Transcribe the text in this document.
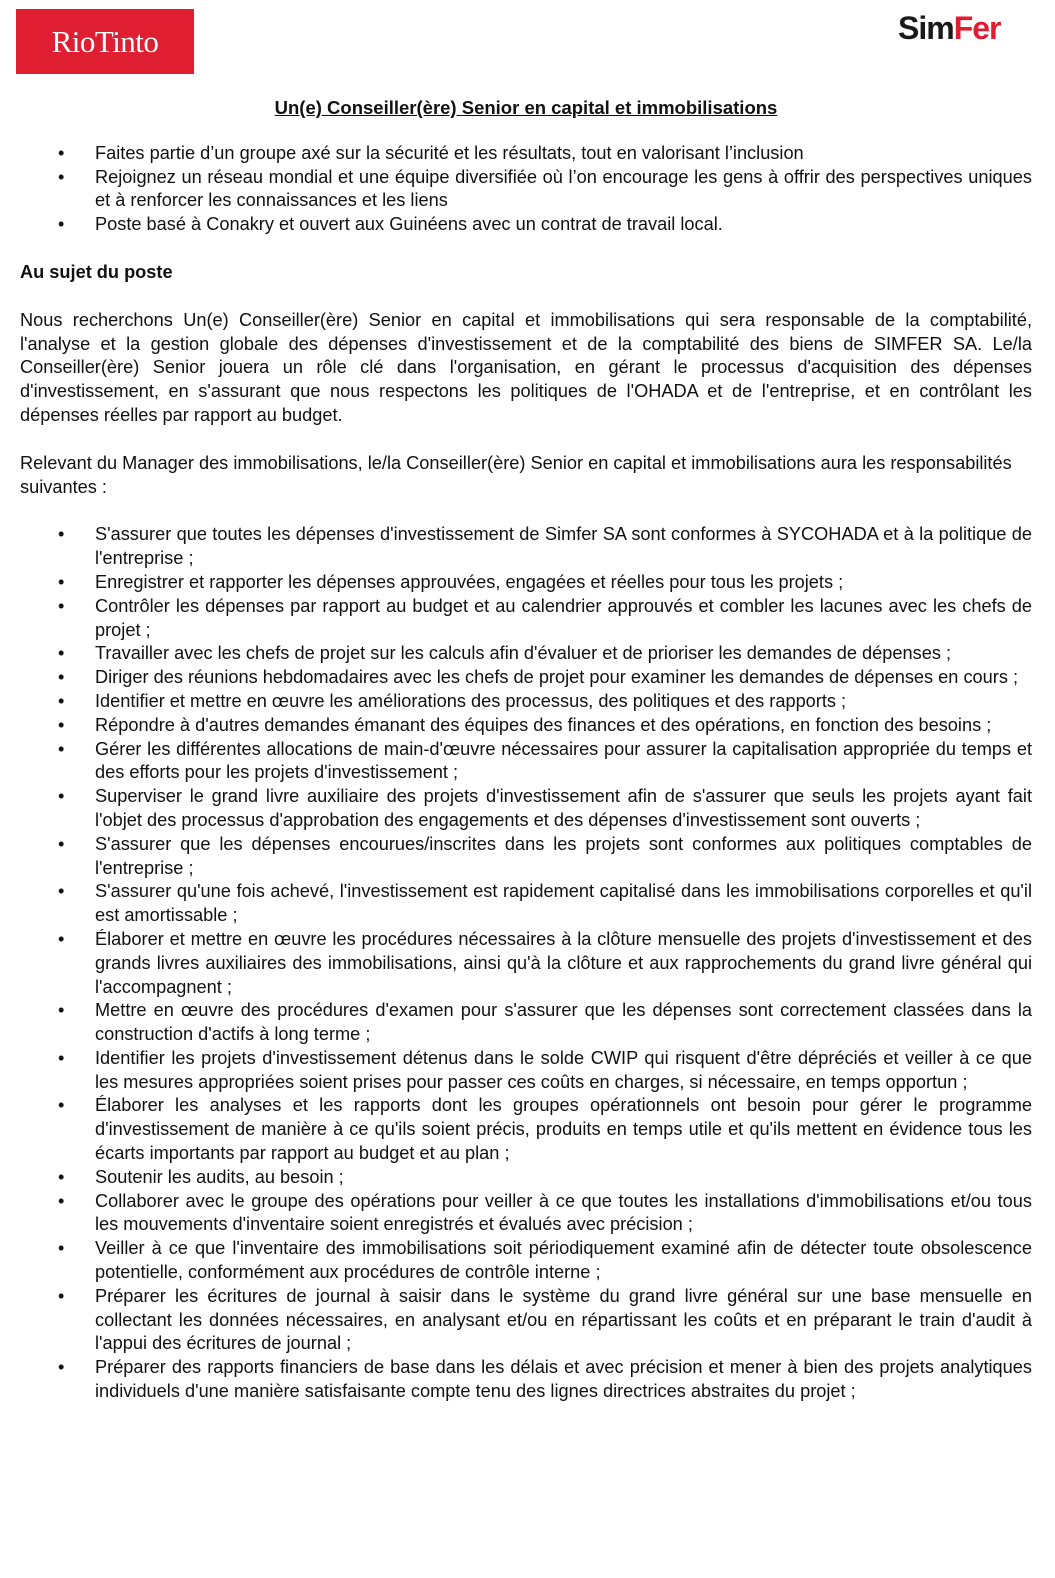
RioTinto	SimFer
Un(e) Conseiller(ère) Senior en capital et immobilisations
• Faites partie d’un groupe axé sur la sécurité et les résultats, tout en valorisant l’inclusion
• Rejoignez un réseau mondial et une équipe diversifiée où l’on encourage les gens à offrir des perspectives uniques et à renforcer les connaissances et les liens
• Poste basé à Conakry et ouvert aux Guinéens avec un contrat de travail local.
Au sujet du poste

Nous recherchons Un(e) Conseiller(ère) Senior en capital et immobilisations qui sera responsable de la comptabilité, l'analyse et la gestion globale des dépenses d'investissement et de la comptabilité des biens de SIMFER SA. Le/la Conseiller(ère) Senior jouera un rôle clé dans l'organisation, en gérant le processus d'acquisition des dépenses d'investissement, en s'assurant que nous respectons les politiques de l'OHADA et de l'entreprise, et en contrôlant les dépenses réelles par rapport au budget.

Relevant du Manager des immobilisations, le/la Conseiller(ère) Senior en capital et immobilisations aura les responsabilités suivantes :

• S'assurer que toutes les dépenses d'investissement de Simfer SA sont conformes à SYCOHADA et à la politique de l'entreprise ;
• Enregistrer et rapporter les dépenses approuvées, engagées et réelles pour tous les projets ;
• Contrôler les dépenses par rapport au budget et au calendrier approuvés et combler les lacunes avec les chefs de projet ;
• Travailler avec les chefs de projet sur les calculs afin d'évaluer et de prioriser les demandes de dépenses ;
• Diriger des réunions hebdomadaires avec les chefs de projet pour examiner les demandes de dépenses en cours ;
• Identifier et mettre en œuvre les améliorations des processus, des politiques et des rapports ;
• Répondre à d'autres demandes émanant des équipes des finances et des opérations, en fonction des besoins ;
• Gérer les différentes allocations de main-d'œuvre nécessaires pour assurer la capitalisation appropriée du temps et des efforts pour les projets d'investissement ;
• Superviser le grand livre auxiliaire des projets d'investissement afin de s'assurer que seuls les projets ayant fait l'objet des processus d'approbation des engagements et des dépenses d'investissement sont ouverts ;
• S'assurer que les dépenses encourues/inscrites dans les projets sont conformes aux politiques comptables de l'entreprise ;
• S'assurer qu'une fois achevé, l'investissement est rapidement capitalisé dans les immobilisations corporelles et qu'il est amortissable ;
• Élaborer et mettre en œuvre les procédures nécessaires à la clôture mensuelle des projets d'investissement et des grands livres auxiliaires des immobilisations, ainsi qu'à la clôture et aux rapprochements du grand livre général qui l'accompagnent ;
• Mettre en œuvre des procédures d'examen pour s'assurer que les dépenses sont correctement classées dans la construction d'actifs à long terme ;
• Identifier les projets d'investissement détenus dans le solde CWIP qui risquent d'être dépréciés et veiller à ce que les mesures appropriées soient prises pour passer ces coûts en charges, si nécessaire, en temps opportun ;
• Élaborer les analyses et les rapports dont les groupes opérationnels ont besoin pour gérer le programme d'investissement de manière à ce qu'ils soient précis, produits en temps utile et qu'ils mettent en évidence tous les écarts importants par rapport au budget et au plan ;
• Soutenir les audits, au besoin ;
• Collaborer avec le groupe des opérations pour veiller à ce que toutes les installations d'immobilisations et/ou tous les mouvements d'inventaire soient enregistrés et évalués avec précision ;
• Veiller à ce que l'inventaire des immobilisations soit périodiquement examiné afin de détecter toute obsolescence potentielle, conformément aux procédures de contrôle interne ;
• Préparer les écritures de journal à saisir dans le système du grand livre général sur une base mensuelle en collectant les données nécessaires, en analysant et/ou en répartissant les coûts et en préparant le train d'audit à l'appui des écritures de journal ;
• Préparer des rapports financiers de base dans les délais et avec précision et mener à bien des projets analytiques individuels d'une manière satisfaisante compte tenu des lignes directrices abstraites du projet ;
